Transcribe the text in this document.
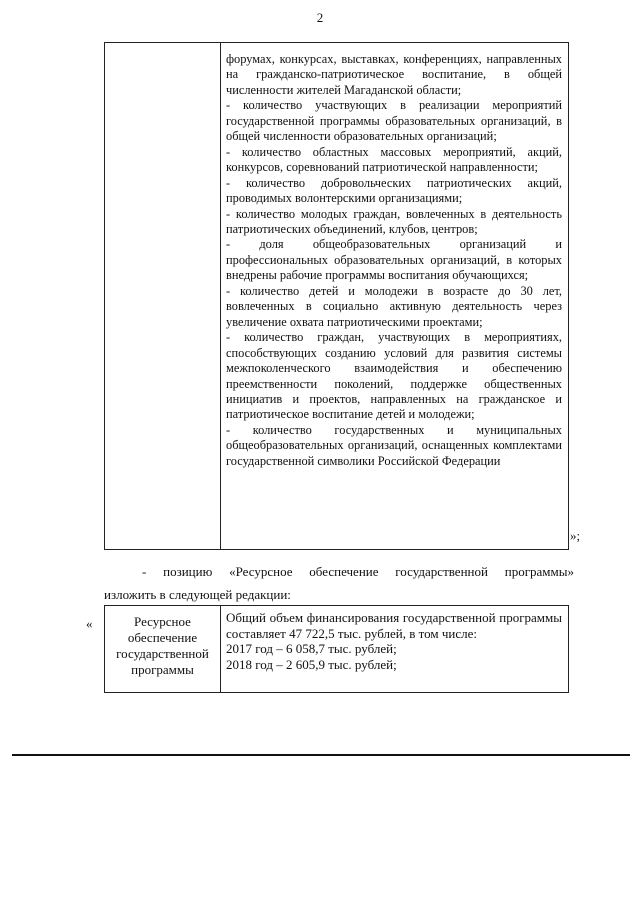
2
форумах, конкурсах, выставках, конференциях, направленных на гражданско-патриотическое воспитание, в общей численности жителей Магаданской области;
- количество участвующих в реализации мероприятий государственной программы образовательных организаций, в общей численности образовательных организаций;
- количество областных массовых мероприятий, акций, конкурсов, соревнований патриотической направленности;
- количество добровольческих патриотических акций, проводимых волонтерскими организациями;
- количество молодых граждан, вовлеченных в деятельность патриотических объединений, клубов, центров;
- доля общеобразовательных организаций и профессиональных образовательных организаций, в которых внедрены рабочие программы воспитания обучающихся;
- количество детей и молодежи в возрасте до 30 лет, вовлеченных в социально активную деятельность через увеличение охвата патриотическими проектами;
- количество граждан, участвующих в мероприятиях, способствующих созданию условий для развития системы межпоколенческого взаимодействия и обеспечению преемственности поколений, поддержке общественных инициатив и проектов, направленных на гражданское и патриотическое воспитание детей и молодежи;
- количество государственных и муниципальных общеобразовательных организаций, оснащенных комплектами государственной символики Российской Федерации
»;
- позицию «Ресурсное обеспечение государственной программы»
изложить в следующей редакции:
«	Ресурсное обеспечение государственной программы

Общий объем финансирования государственной программы составляет 47 722,5 тыс. рублей, в том числе:

2017 год – 6 058,7 тыс. рублей;

2018 год – 2 605,9 тыс. рублей;
